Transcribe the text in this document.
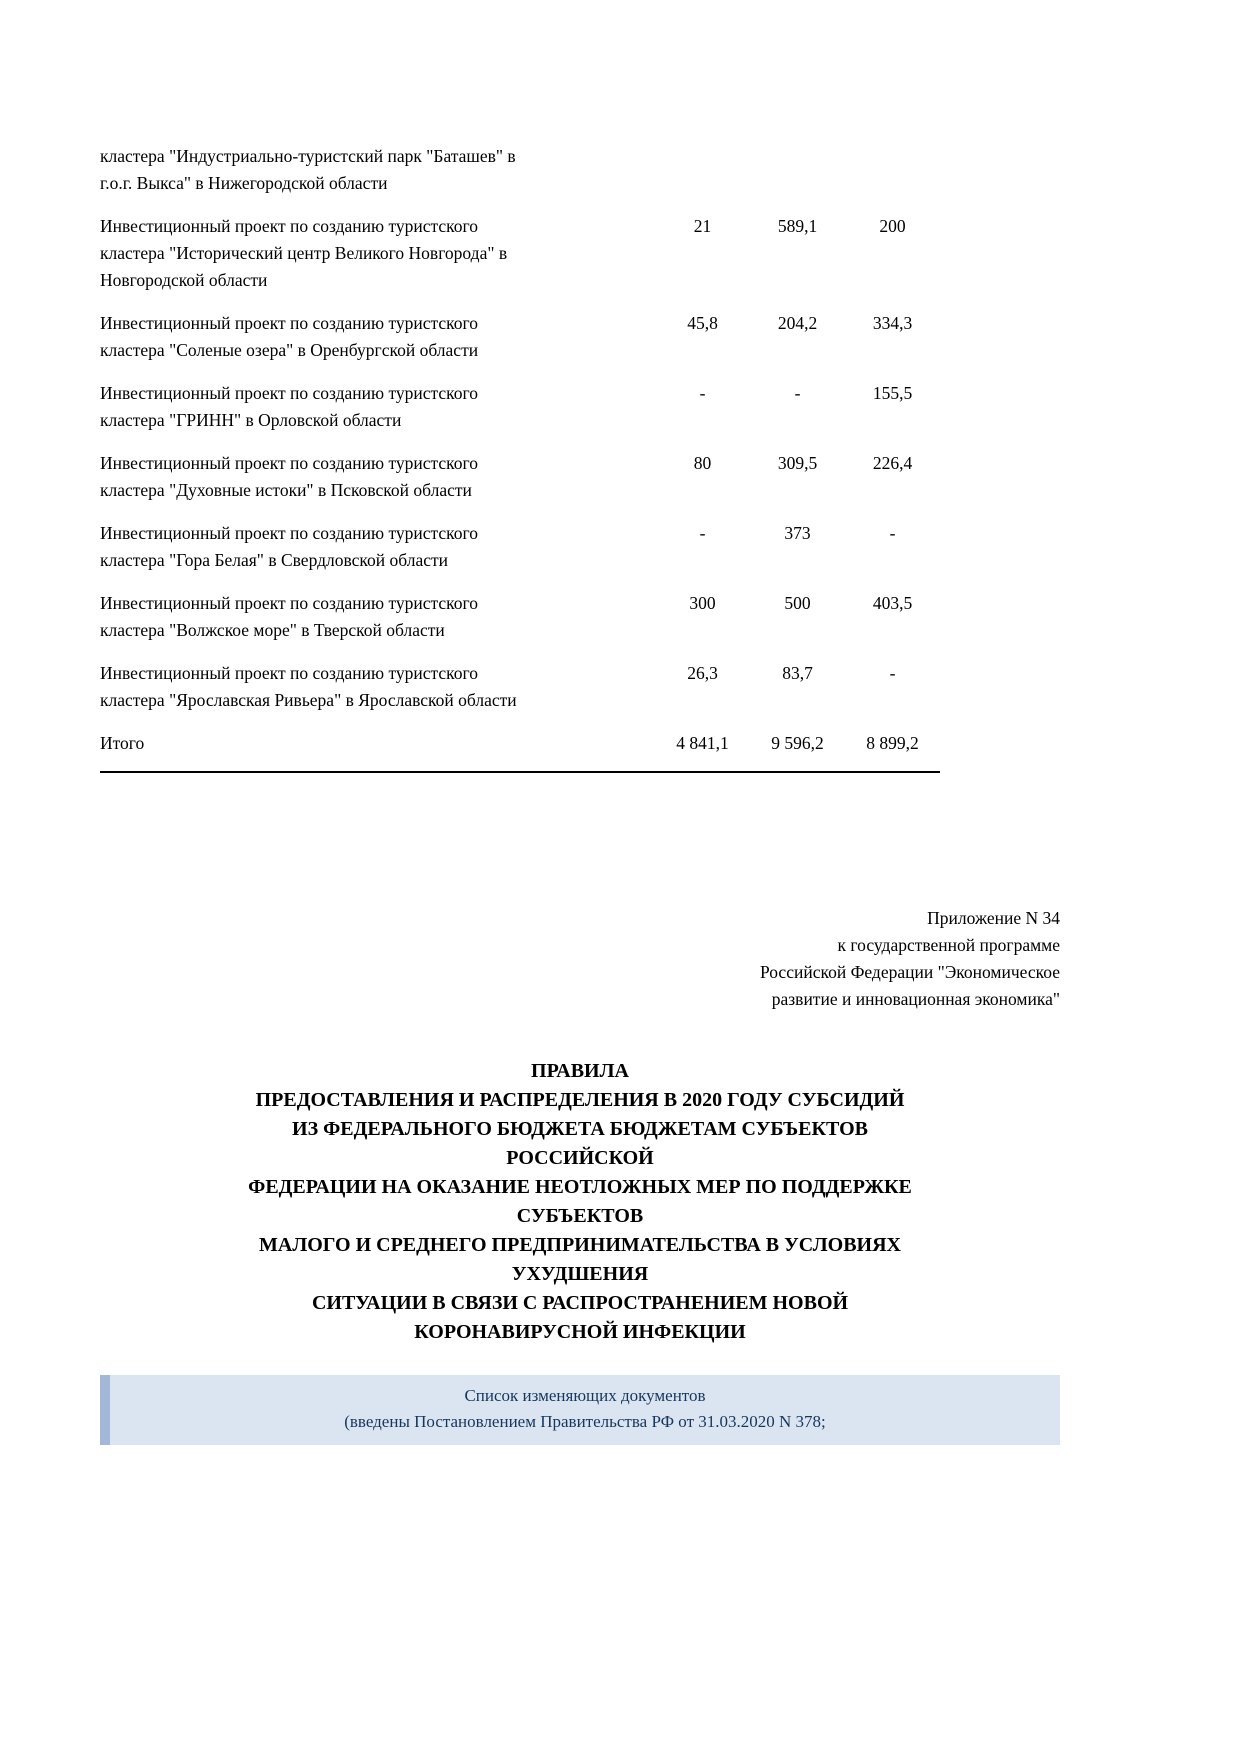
кластера "Индустриально-туристский парк "Баташев" в
г.о.г. Выкса" в Нижегородской области			

Инвестиционный проект по созданию туристского
кластера "Исторический центр Великого Новгорода" в
Новгородской области	21	589,1	200

Инвестиционный проект по созданию туристского
кластера "Соленые озера" в Оренбургской области	45,8	204,2	334,3

Инвестиционный проект по созданию туристского
кластера "ГРИНН" в Орловской области	-	-	155,5

Инвестиционный проект по созданию туристского
кластера "Духовные истоки" в Псковской области	80	309,5	226,4

Инвестиционный проект по созданию туристского
кластера "Гора Белая" в Свердловской области	-	373	-

Инвестиционный проект по созданию туристского
кластера "Волжское море" в Тверской области	300	500	403,5

Инвестиционный проект по созданию туристского
кластера "Ярославская Ривьера" в Ярославской области	26,3	83,7	-
Итого	4 841,1	9 596,2	8 899,2
Приложение N 34
к государственной программе
Российской Федерации "Экономическое
развитие и инновационная экономика"
ПРАВИЛА
ПРЕДОСТАВЛЕНИЯ И РАСПРЕДЕЛЕНИЯ В 2020 ГОДУ СУБСИДИЙ
ИЗ ФЕДЕРАЛЬНОГО БЮДЖЕТА БЮДЖЕТАМ СУБЪЕКТОВ
РОССИЙСКОЙ
ФЕДЕРАЦИИ НА ОКАЗАНИЕ НЕОТЛОЖНЫХ МЕР ПО ПОДДЕРЖКЕ
СУБЪЕКТОВ
МАЛОГО И СРЕДНЕГО ПРЕДПРИНИМАТЕЛЬСТВА В УСЛОВИЯХ
УХУДШЕНИЯ
СИТУАЦИИ В СВЯЗИ С РАСПРОСТРАНЕНИЕМ НОВОЙ
КОРОНАВИРУСНОЙ ИНФЕКЦИИ
Список изменяющих документов
(введены Постановлением Правительства РФ от 31.03.2020 N 378;
